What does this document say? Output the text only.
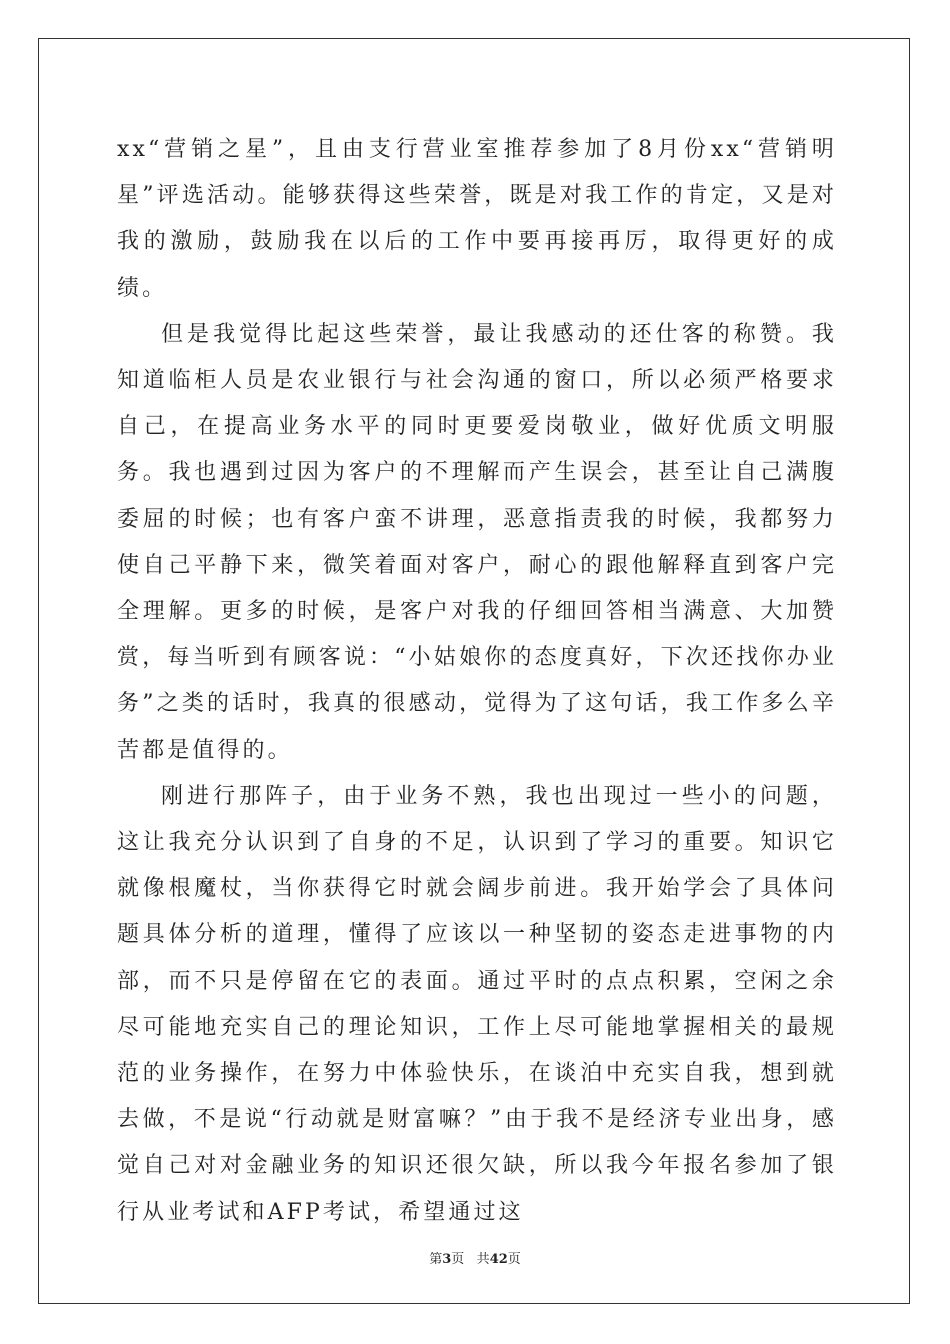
xx“营销之星”，且由支行营业室推荐参加了8月份xx“营销明星”评选活动。能够获得这些荣誉，既是对我工作的肯定，又是对我的激励，鼓励我在以后的工作中要再接再厉，取得更好的成绩。

但是我觉得比起这些荣誉，最让我感动的还仕客的称赞。我知道临柜人员是农业银行与社会沟通的窗口，所以必须严格要求自己，在提高业务水平的同时更要爱岗敬业，做好优质文明服务。我也遇到过因为客户的不理解而产生误会，甚至让自己满腹委屈的时候；也有客户蛮不讲理，恶意指责我的时候，我都努力使自己平静下来，微笑着面对客户，耐心的跟他解释直到客户完全理解。更多的时候，是客户对我的仔细回答相当满意、大加赞赏，每当听到有顾客说：“小姑娘你的态度真好，下次还找你办业务”之类的话时，我真的很感动，觉得为了这句话，我工作多么辛苦都是值得的。

刚进行那阵子，由于业务不熟，我也出现过一些小的问题，这让我充分认识到了自身的不足，认识到了学习的重要。知识它就像根魔杖，当你获得它时就会阔步前进。我开始学会了具体问题具体分析的道理，懂得了应该以一种坚韧的姿态走进事物的内部，而不只是停留在它的表面。通过平时的点点积累，空闲之余尽可能地充实自己的理论知识，工作上尽可能地掌握相关的最规范的业务操作，在努力中体验快乐，在谈泊中充实自我，想到就去做，不是说“行动就是财富嘛？”由于我不是经济专业出身，感觉自己对对金融业务的知识还很欠缺，所以我今年报名参加了银行从业考试和AFP考试，希望通过这

第3页 共42页
